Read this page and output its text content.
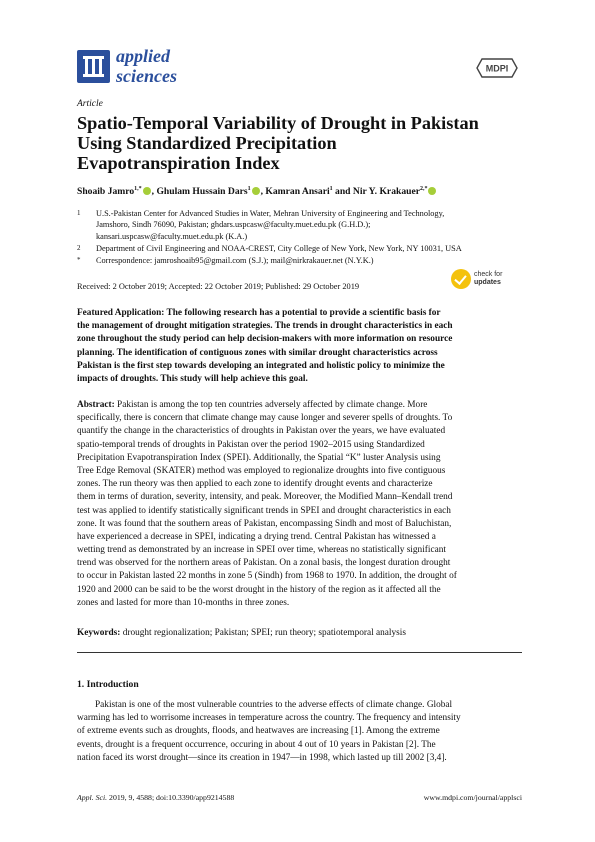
applied
sciences	MDPI
Article
Spatio-Temporal Variability of Drought in Pakistan
Using Standardized Precipitation
Evapotranspiration Index
Shoaib Jamro$^{1,*}$ , Ghulam Hussain Dars$^1$ , Kamran Ansari$^1$ and Nir Y. Krakauer$^{2,*}$
1	U.S.-Pakistan Center for Advanced Studies in Water, Mehran University of Engineering and Technology,
Jamshoro, Sindh 76090, Pakistan; ghdars.uspcasw@faculty.muet.edu.pk (G.H.D.);
kansari.uspcasw@faculty.muet.edu.pk (K.A.)
2	Department of Civil Engineering and NOAA-CREST, City College of New York, New York, NY 10031, USA
*	Correspondence: jamroshoaib95@gmail.com (S.J.); mail@nirkrakauer.net (N.Y.K.)
check for
updates
Received: 2 October 2019; Accepted: 22 October 2019; Published: 29 October 2019
Featured Application: The following research has a potential to provide a scientific basis for
the management of drought mitigation strategies. The trends in drought characteristics in each
zone throughout the study period can help decision-makers with more information on resource
planning. The identification of contiguous zones with similar drought characteristics across
Pakistan is the first step towards developing an integrated and holistic policy to minimize the
impacts of droughts. This study will help achieve this goal.
Abstract: Pakistan is among the top ten countries adversely affected by climate change. More
specifically, there is concern that climate change may cause longer and severer spells of droughts. To
quantify the change in the characteristics of droughts in Pakistan over the years, we have evaluated
spatio-temporal trends of droughts in Pakistan over the period 1902–2015 using Standardized
Precipitation Evapotranspiration Index (SPEI). Additionally, the Spatial “K” luster Analysis using
Tree Edge Removal (SKATER) method was employed to regionalize droughts into five contiguous
zones. The run theory was then applied to each zone to identify drought events and characterize
them in terms of duration, severity, intensity, and peak. Moreover, the Modified Mann–Kendall trend
test was applied to identify statistically significant trends in SPEI and drought characteristics in each
zone. It was found that the southern areas of Pakistan, encompassing Sindh and most of Baluchistan,
have experienced a decrease in SPEI, indicating a drying trend. Central Pakistan has witnessed a
wetting trend as demonstrated by an increase in SPEI over time, whereas no statistically significant
trend was observed for the northern areas of Pakistan. On a zonal basis, the longest duration drought
to occur in Pakistan lasted 22 months in zone 5 (Sindh) from 1968 to 1970. In addition, the drought of
1920 and 2000 can be said to be the worst drought in the history of the region as it affected all the
zones and lasted for more than 10-months in three zones.
Keywords: drought regionalization; Pakistan; SPEI; run theory; spatiotemporal analysis
1. Introduction
Pakistan is one of the most vulnerable countries to the adverse effects of climate change. Global
warming has led to worrisome increases in temperature across the country. The frequency and intensity
of extreme events such as droughts, floods, and heatwaves are increasing [1]. Among the extreme
events, drought is a frequent occurrence, occuring in about 4 out of 10 years in Pakistan [2]. The
nation faced its worst drought—since its creation in 1947—in 1998, which lasted up till 2002 [3,4].
Appl. Sci. 2019, 9, 4588; doi:10.3390/app9214588	www.mdpi.com/journal/applsci
